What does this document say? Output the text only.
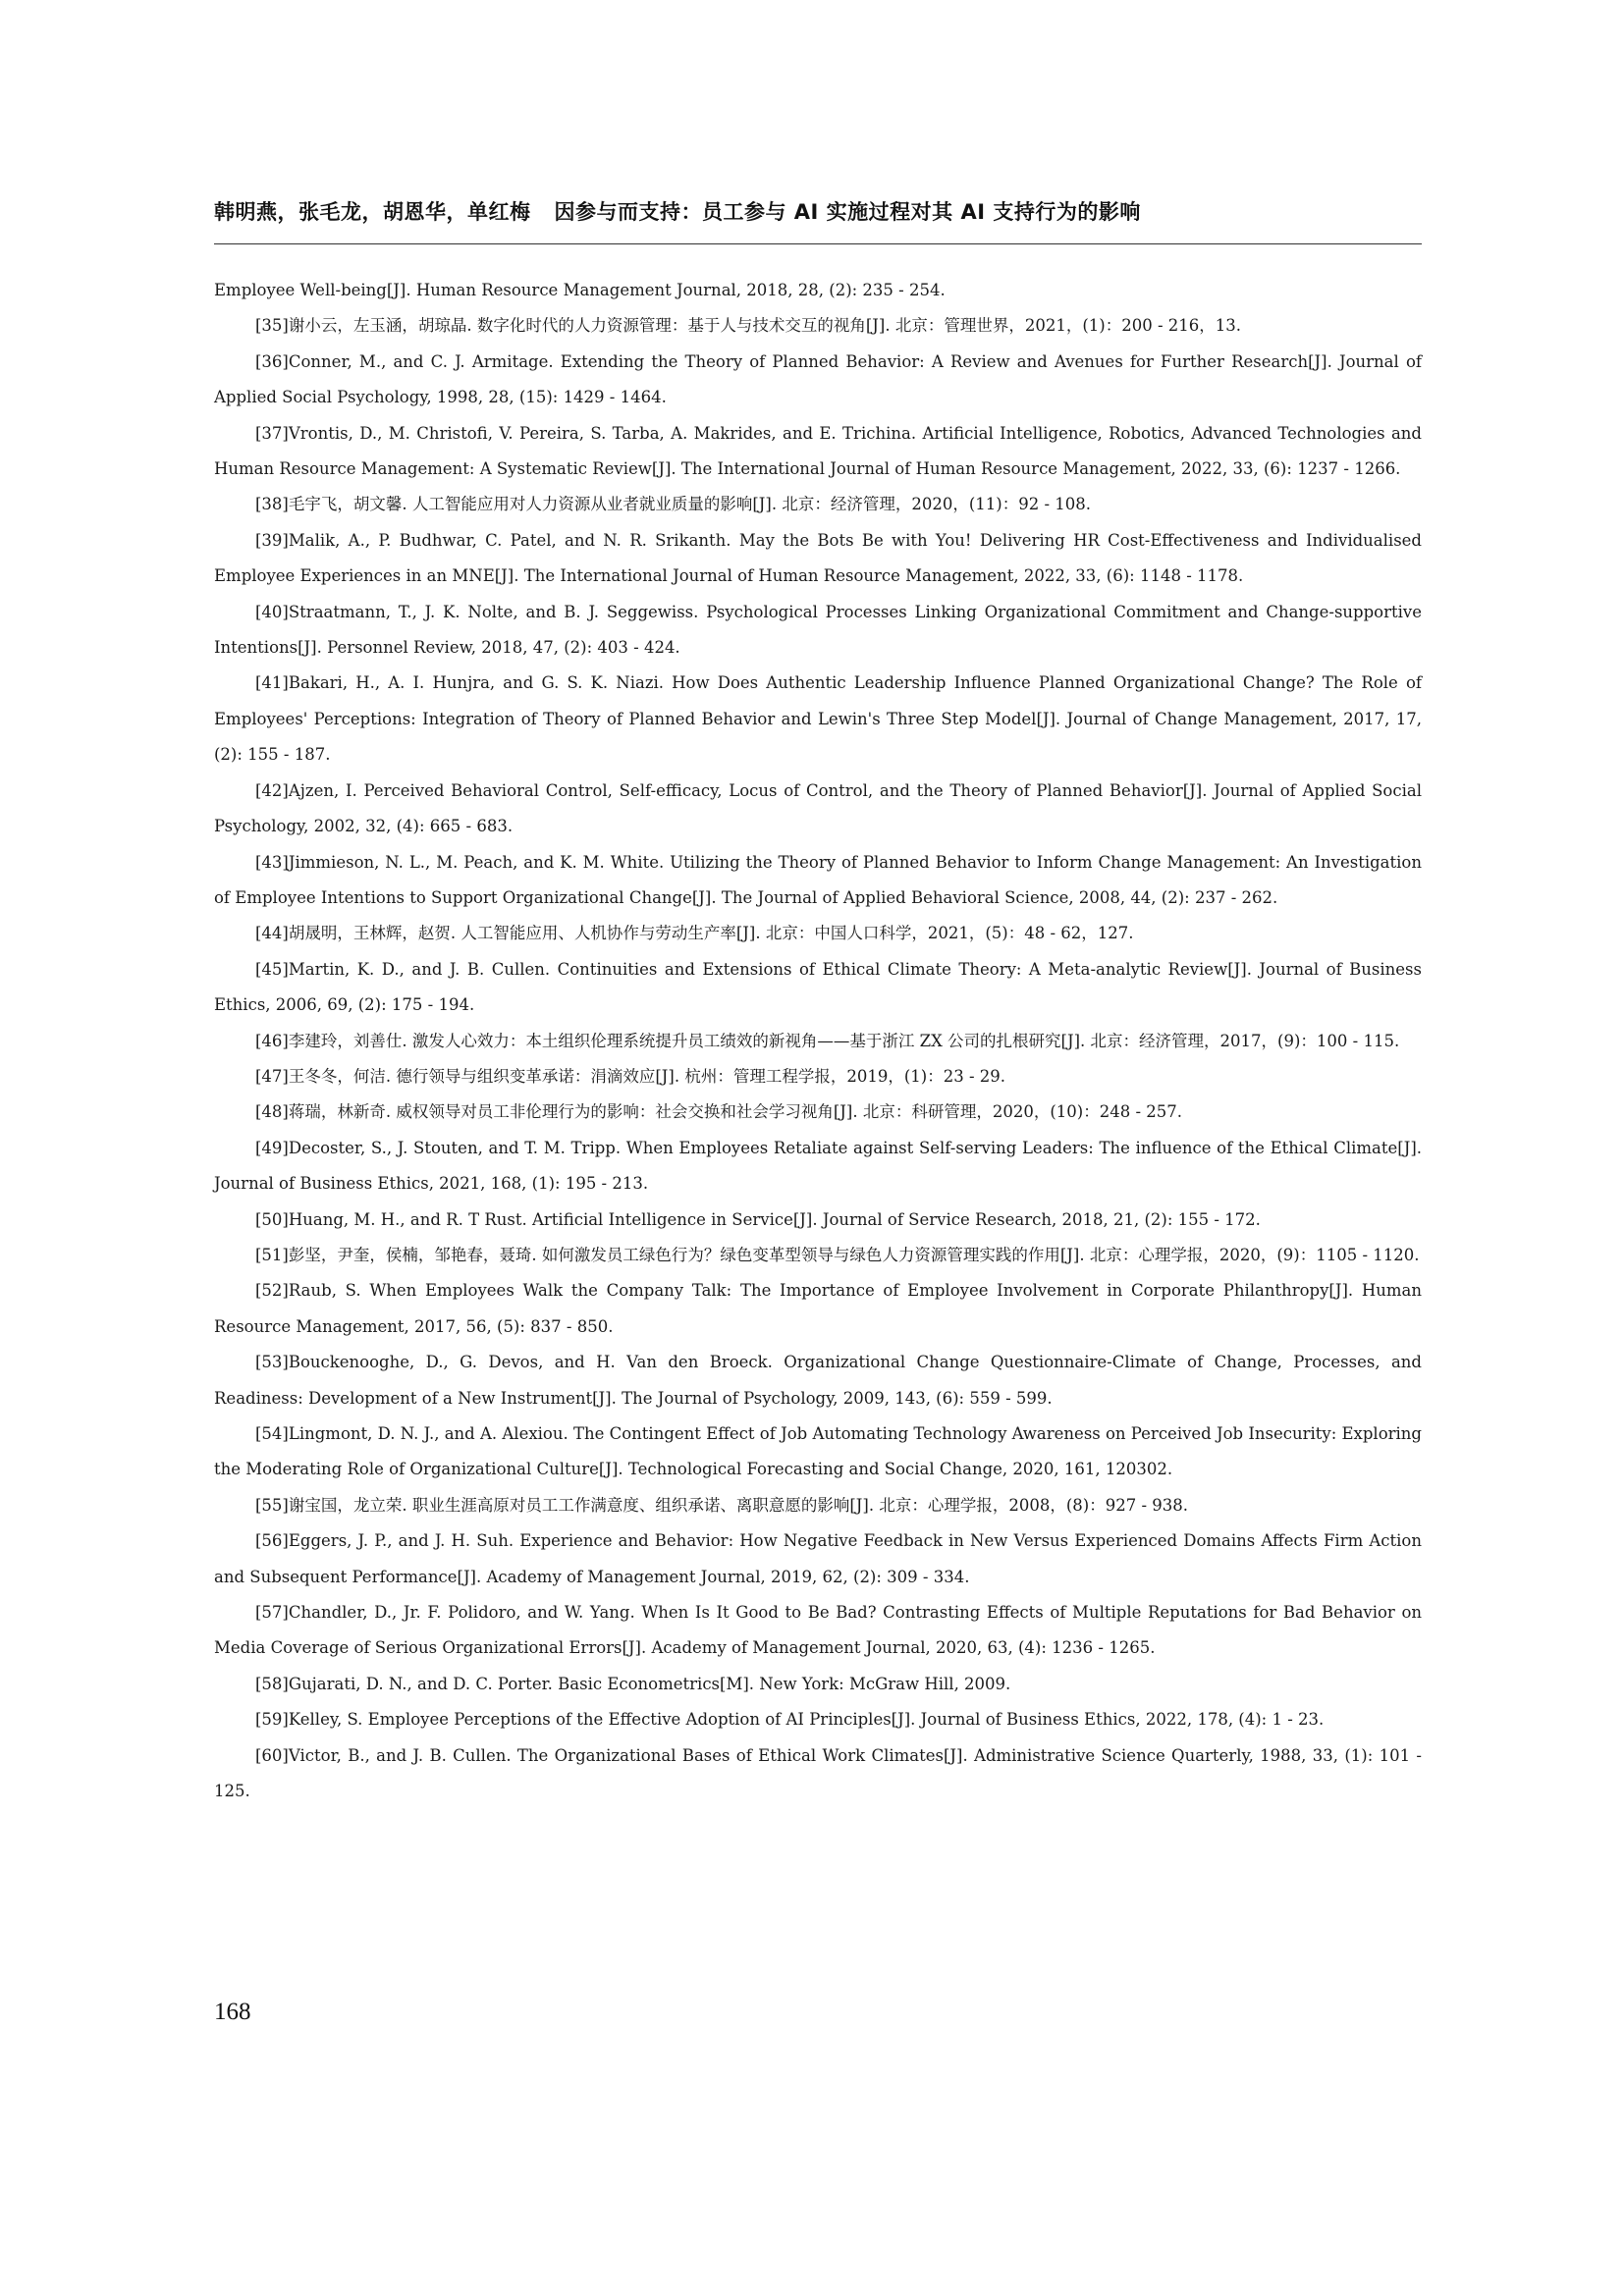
韩明燕，张毛龙，胡恩华，单红梅 因参与而支持：员工参与 AI 实施过程对其 AI 支持行为的影响

Employee Well-being[J]. Human Resource Management Journal, 2018, 28, (2): 235 - 254.

[35]谢小云，左玉涵，胡琼晶. 数字化时代的人力资源管理：基于人与技术交互的视角[J]. 北京：管理世界，2021，(1)：200 - 216，13.

[36]Conner, M., and C. J. Armitage. Extending the Theory of Planned Behavior: A Review and Avenues for Further Research[J]. Journal of Applied Social Psychology, 1998, 28, (15): 1429 - 1464.

[37]Vrontis, D., M. Christofi, V. Pereira, S. Tarba, A. Makrides, and E. Trichina. Artificial Intelligence, Robotics, Advanced Technologies and Human Resource Management: A Systematic Review[J]. The International Journal of Human Resource Management, 2022, 33, (6): 1237 - 1266.

[38]毛宇飞，胡文馨. 人工智能应用对人力资源从业者就业质量的影响[J]. 北京：经济管理，2020，(11)：92 - 108.

[39]Malik, A., P. Budhwar, C. Patel, and N. R. Srikanth. May the Bots Be with You! Delivering HR Cost-Effectiveness and Individualised Employee Experiences in an MNE[J]. The International Journal of Human Resource Management, 2022, 33, (6): 1148 - 1178.

[40]Straatmann, T., J. K. Nolte, and B. J. Seggewiss. Psychological Processes Linking Organizational Commitment and Change-supportive Intentions[J]. Personnel Review, 2018, 47, (2): 403 - 424.

[41]Bakari, H., A. I. Hunjra, and G. S. K. Niazi. How Does Authentic Leadership Influence Planned Organizational Change? The Role of Employees' Perceptions: Integration of Theory of Planned Behavior and Lewin's Three Step Model[J]. Journal of Change Management, 2017, 17, (2): 155 - 187.

[42]Ajzen, I. Perceived Behavioral Control, Self-efficacy, Locus of Control, and the Theory of Planned Behavior[J]. Journal of Applied Social Psychology, 2002, 32, (4): 665 - 683.

[43]Jimmieson, N. L., M. Peach, and K. M. White. Utilizing the Theory of Planned Behavior to Inform Change Management: An Investigation of Employee Intentions to Support Organizational Change[J]. The Journal of Applied Behavioral Science, 2008, 44, (2): 237 - 262.

[44]胡晟明，王林辉，赵贺. 人工智能应用、人机协作与劳动生产率[J]. 北京：中国人口科学，2021，(5)：48 - 62，127.

[45]Martin, K. D., and J. B. Cullen. Continuities and Extensions of Ethical Climate Theory: A Meta-analytic Review[J]. Journal of Business Ethics, 2006, 69, (2): 175 - 194.

[46]李建玲，刘善仕. 激发人心效力：本土组织伦理系统提升员工绩效的新视角——基于浙江 ZX 公司的扎根研究[J]. 北京：经济管理，2017，(9)：100 - 115.

[47]王冬冬，何洁. 德行领导与组织变革承诺：涓滴效应[J]. 杭州：管理工程学报，2019，(1)：23 - 29.

[48]蒋瑞，林新奇. 威权领导对员工非伦理行为的影响：社会交换和社会学习视角[J]. 北京：科研管理，2020，(10)：248 - 257.

[49]Decoster, S., J. Stouten, and T. M. Tripp. When Employees Retaliate against Self-serving Leaders: The influence of the Ethical Climate[J]. Journal of Business Ethics, 2021, 168, (1): 195 - 213.

[50]Huang, M. H., and R. T Rust. Artificial Intelligence in Service[J]. Journal of Service Research, 2018, 21, (2): 155 - 172.

[51]彭坚，尹奎，侯楠，邹艳春，聂琦. 如何激发员工绿色行为？绿色变革型领导与绿色人力资源管理实践的作用[J]. 北京：心理学报，2020，(9)：1105 - 1120.

[52]Raub, S. When Employees Walk the Company Talk: The Importance of Employee Involvement in Corporate Philanthropy[J]. Human Resource Management, 2017, 56, (5): 837 - 850.

[53]Bouckenooghe, D., G. Devos, and H. Van den Broeck. Organizational Change Questionnaire-Climate of Change, Processes, and Readiness: Development of a New Instrument[J]. The Journal of Psychology, 2009, 143, (6): 559 - 599.

[54]Lingmont, D. N. J., and A. Alexiou. The Contingent Effect of Job Automating Technology Awareness on Perceived Job Insecurity: Exploring the Moderating Role of Organizational Culture[J]. Technological Forecasting and Social Change, 2020, 161, 120302.

[55]谢宝国，龙立荣. 职业生涯高原对员工工作满意度、组织承诺、离职意愿的影响[J]. 北京：心理学报，2008，(8)：927 - 938.

[56]Eggers, J. P., and J. H. Suh. Experience and Behavior: How Negative Feedback in New Versus Experienced Domains Affects Firm Action and Subsequent Performance[J]. Academy of Management Journal, 2019, 62, (2): 309 - 334.

[57]Chandler, D., Jr. F. Polidoro, and W. Yang. When Is It Good to Be Bad? Contrasting Effects of Multiple Reputations for Bad Behavior on Media Coverage of Serious Organizational Errors[J]. Academy of Management Journal, 2020, 63, (4): 1236 - 1265.

[58]Gujarati, D. N., and D. C. Porter. Basic Econometrics[M]. New York: McGraw Hill, 2009.

[59]Kelley, S. Employee Perceptions of the Effective Adoption of AI Principles[J]. Journal of Business Ethics, 2022, 178, (4): 1 - 23.

[60]Victor, B., and J. B. Cullen. The Organizational Bases of Ethical Work Climates[J]. Administrative Science Quarterly, 1988, 33, (1): 101 - 125.

168
